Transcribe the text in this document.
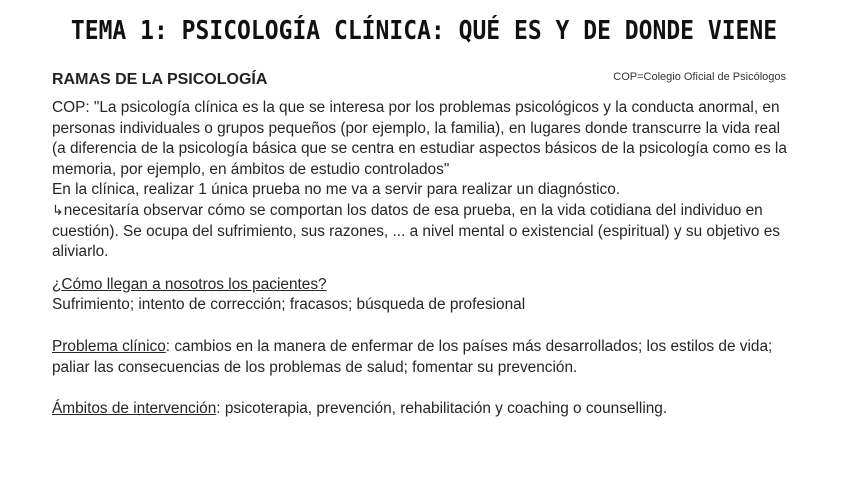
TEMA 1: PSICOLOGÍA CLÍNICA: QUÉ ES Y DE DONDE VIENE
RAMAS DE LA PSICOLOGÍA	COP=Colegio Oficial de Psicólogos

COP: "La psicología clínica es la que se interesa por los problemas psicológicos y la conducta anormal, en personas individuales o grupos pequeños (por ejemplo, la familia), en lugares donde transcurre la vida real (a diferencia de la psicología básica que se centra en estudiar aspectos básicos de la psicología como es la memoria, por ejemplo, en ámbitos de estudio controlados"

En la clínica, realizar 1 única prueba no me va a servir para realizar un diagnóstico.

↳necesitaría observar cómo se comportan los datos de esa prueba, en la vida cotidiana del individuo en cuestión). Se ocupa del sufrimiento, sus razones, ... a nivel mental o existencial (espiritual) y su objetivo es aliviarlo.

¿Cómo llegan a nosotros los pacientes?

Sufrimiento; intento de corrección; fracasos; búsqueda de profesional

Problema clínico: cambios en la manera de enfermar de los países más desarrollados; los estilos de vida; paliar las consecuencias de los problemas de salud; fomentar su prevención.

Ámbitos de intervención: psicoterapia, prevención, rehabilitación y coaching o counselling.
